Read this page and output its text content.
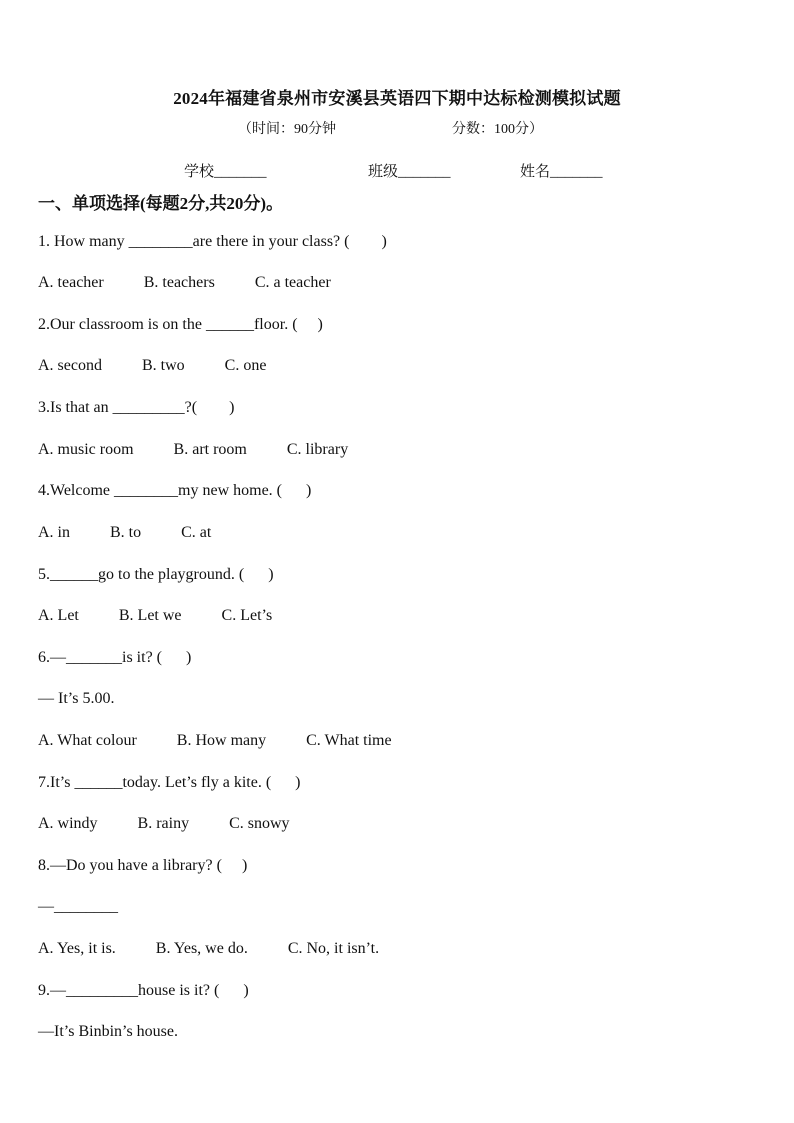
2024年福建省泉州市安溪县英语四下期中达标检测模拟试题
（时间：90分钟	分数：100分）
学校_______	班级_______	姓名_______
一、单项选择(每题2分,共20分)。
1. How many ________are there in your class? (        )
A. teacher          B. teachers          C. a teacher
2.Our classroom is on the ______floor. (     )
A. second          B. two          C. one
3.Is that an _________?(        )
A. music room          B. art room          C. library
4.Welcome ________my new home. (      )
A. in          B. to          C. at
5.______go to the playground. (      )
A. Let          B. Let we          C. Let’s
6.—_______is it? (      )
— It’s 5.00.
A. What colour          B. How many          C. What time
7.It’s ______today. Let’s fly a kite. (      )
A. windy          B. rainy          C. snowy
8.—Do you have a library? (     )
—________
A. Yes, it is.          B. Yes, we do.          C. No, it isn’t.
9.—_________house is it? (      )
—It’s Binbin’s house.
